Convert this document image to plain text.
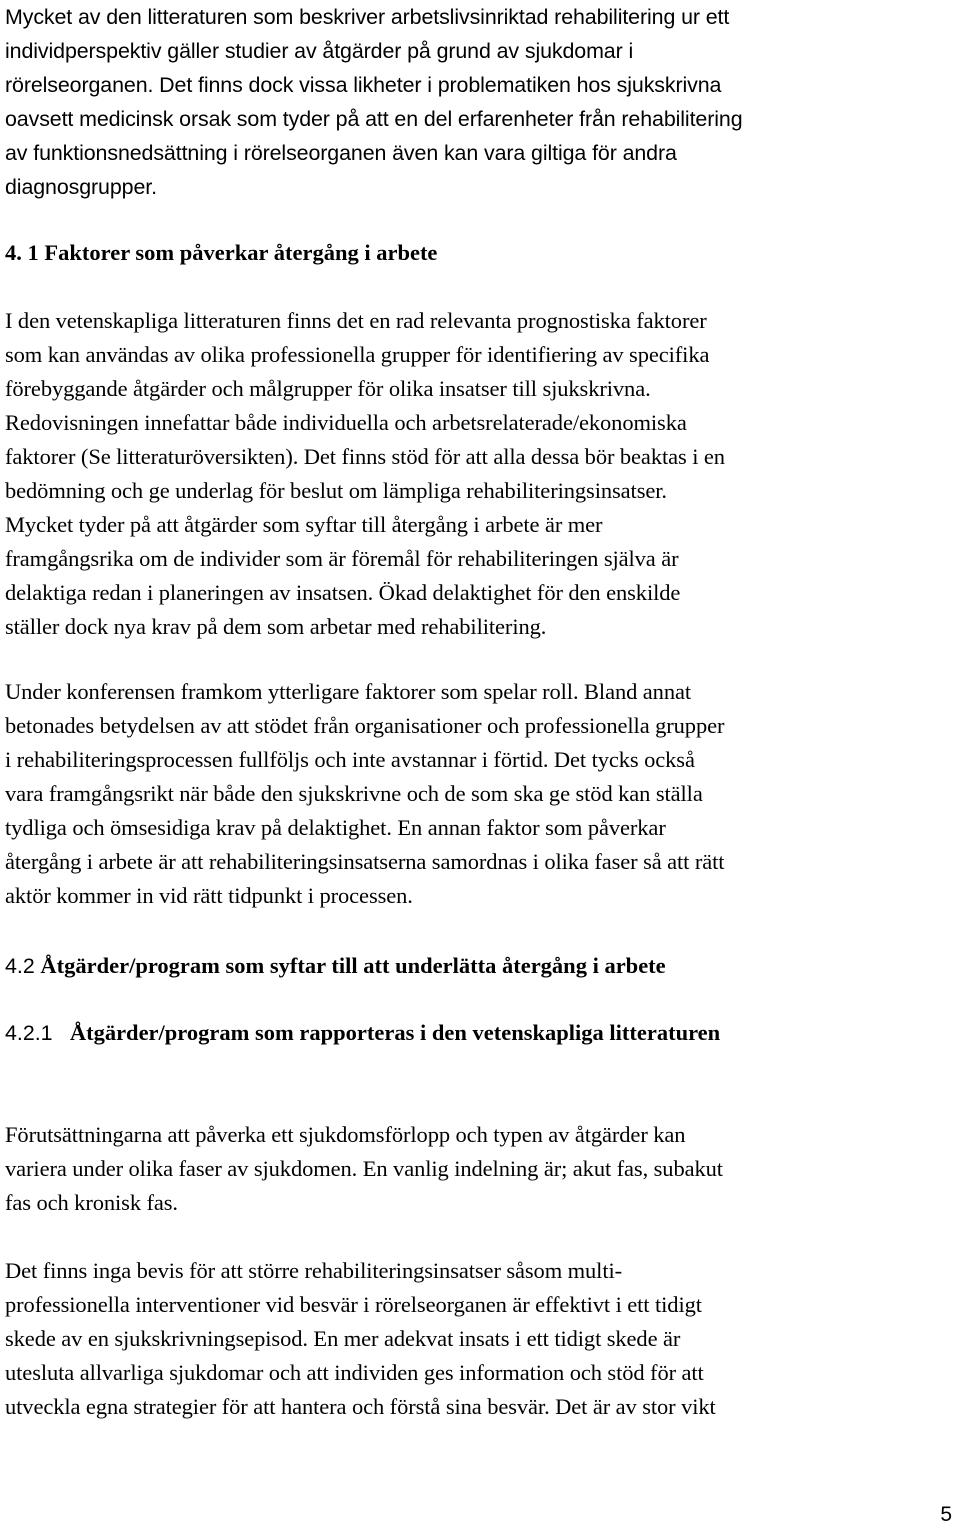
Mycket av den litteraturen som beskriver arbetslivsinriktad rehabilitering ur ett
individperspektiv gäller studier av åtgärder på grund av sjukdomar i
rörelseorganen. Det finns dock vissa likheter i problematiken hos sjukskrivna
oavsett medicinsk orsak som tyder på att en del erfarenheter från rehabilitering
av funktionsnedsättning i rörelseorganen även kan vara giltiga för andra
diagnosgrupper.

4. 1 Faktorer som påverkar återgång i arbete

I den vetenskapliga litteraturen finns det en rad relevanta prognostiska faktorer
som kan användas av olika professionella grupper för identifiering av specifika
förebyggande åtgärder och målgrupper för olika insatser till sjukskrivna.
Redovisningen innefattar både individuella och arbetsrelaterade/ekonomiska
faktorer (Se litteraturöversikten). Det finns stöd för att alla dessa bör beaktas i en
bedömning och ge underlag för beslut om lämpliga rehabiliteringsinsatser.
Mycket tyder på att åtgärder som syftar till återgång i arbete är mer
framgångsrika om de individer som är föremål för rehabiliteringen själva är
delaktiga redan i planeringen av insatsen. Ökad delaktighet för den enskilde
ställer dock nya krav på dem som arbetar med rehabilitering.

Under konferensen framkom ytterligare faktorer som spelar roll. Bland annat
betonades betydelsen av att stödet från organisationer och professionella grupper
i rehabiliteringsprocessen fullföljs och inte avstannar i förtid. Det tycks också
vara framgångsrikt när både den sjukskrivne och de som ska ge stöd kan ställa
tydliga och ömsesidiga krav på delaktighet. En annan faktor som påverkar
återgång i arbete är att rehabiliteringsinsatserna samordnas i olika faser så att rätt
aktör kommer in vid rätt tidpunkt i processen.

4.2 Åtgärder/program som syftar till att underlätta återgång i arbete
4.2.1 Åtgärder/program som rapporteras i den vetenskapliga litteraturen

Förutsättningarna att påverka ett sjukdomsförlopp och typen av åtgärder kan
variera under olika faser av sjukdomen. En vanlig indelning är; akut fas, subakut
fas och kronisk fas.

Det finns inga bevis för att större rehabiliteringsinsatser såsom multi-
professionella interventioner vid besvär i rörelseorganen är effektivt i ett tidigt
skede av en sjukskrivningsepisod. En mer adekvat insats i ett tidigt skede är
utesluta allvarliga sjukdomar och att individen ges information och stöd för att
utveckla egna strategier för att hantera och förstå sina besvär. Det är av stor vikt

5
